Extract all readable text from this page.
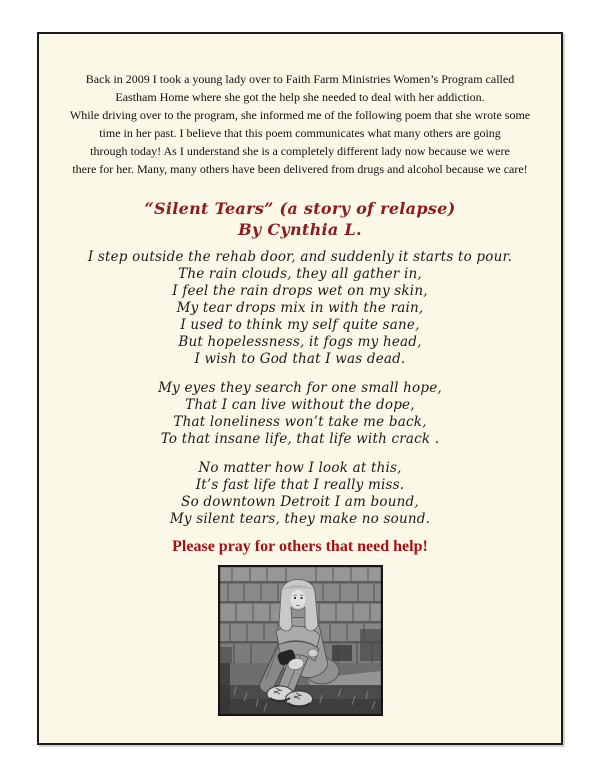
Back in 2009 I took a young lady over to Faith Farm Ministries Women’s Program called
Eastham Home where she got the help she needed to deal with her addiction.
While driving over to the program, she informed me of the following poem that she wrote some
time in her past. I believe that this poem communicates what many others are going
through today! As I understand she is a completely different lady now because we were
there for her. Many, many others have been delivered from drugs and alcohol because we care!
“Silent Tears” (a story of relapse)
By Cynthia L.
I step outside the rehab door, and suddenly it starts to pour.
The rain clouds, they all gather in,
I feel the rain drops wet on my skin,
My tear drops mix in with the rain,
I used to think my self quite sane,
But hopelessness, it fogs my head,
I wish to God that I was dead.
My eyes they search for one small hope,
That I can live without the dope,
That loneliness won’t take me back,
To that insane life, that life with crack .
No matter how I look at this,
It’s fast life that I really miss.
So downtown Detroit I am bound,
My silent tears, they make no sound.
Please pray for others that need help!
